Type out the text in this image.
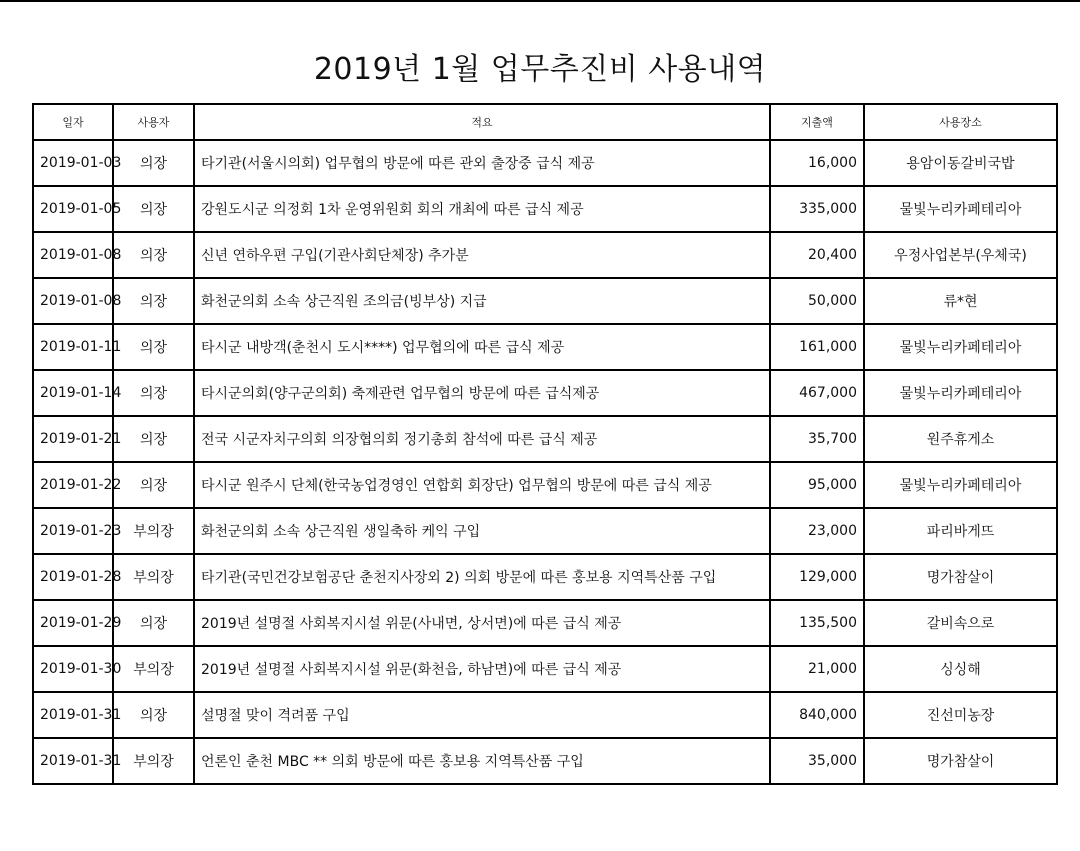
2019년 1월 업무추진비 사용내역
일자	사용자	적요	지출액	사용장소
2019-01-03	의장	타기관(서울시의회) 업무협의 방문에 따른 관외 출장중 급식 제공	16,000	용암이동갈비국밥
2019-01-05	의장	강원도시군 의정회 1차 운영위원회 회의 개최에 따른 급식 제공	335,000	물빛누리카페테리아
2019-01-08	의장	신년 연하우편 구입(기관사회단체장) 추가분	20,400	우정사업본부(우체국)
2019-01-08	의장	화천군의회 소속 상근직원 조의금(빙부상) 지급	50,000	류*현
2019-01-11	의장	타시군 내방객(춘천시 도시****) 업무협의에 따른 급식 제공	161,000	물빛누리카페테리아
2019-01-14	의장	타시군의회(양구군의회) 축제관련 업무협의 방문에 따른 급식제공	467,000	물빛누리카페테리아
2019-01-21	의장	전국 시군자치구의회 의장협의회 정기총회 참석에 따른 급식 제공	35,700	원주휴게소
2019-01-22	의장	타시군 원주시 단체(한국농업경영인 연합회 회장단) 업무협의 방문에 따른 급식 제공	95,000	물빛누리카페테리아
2019-01-23	부의장	화천군의회 소속 상근직원 생일축하 케익 구입	23,000	파리바게뜨
2019-01-28	부의장	타기관(국민건강보험공단 춘천지사장외 2) 의회 방문에 따른 홍보용 지역특산품 구입	129,000	명가참살이
2019-01-29	의장	2019년 설명절 사회복지시설 위문(사내면, 상서면)에 따른 급식 제공	135,500	갈비속으로
2019-01-30	부의장	2019년 설명절 사회복지시설 위문(화천읍, 하남면)에 따른 급식 제공	21,000	싱싱해
2019-01-31	의장	설명절 맞이 격려품 구입	840,000	진선미농장
2019-01-31	부의장	언론인 춘천 MBC ** 의회 방문에 따른 홍보용 지역특산품 구입	35,000	명가참살이
